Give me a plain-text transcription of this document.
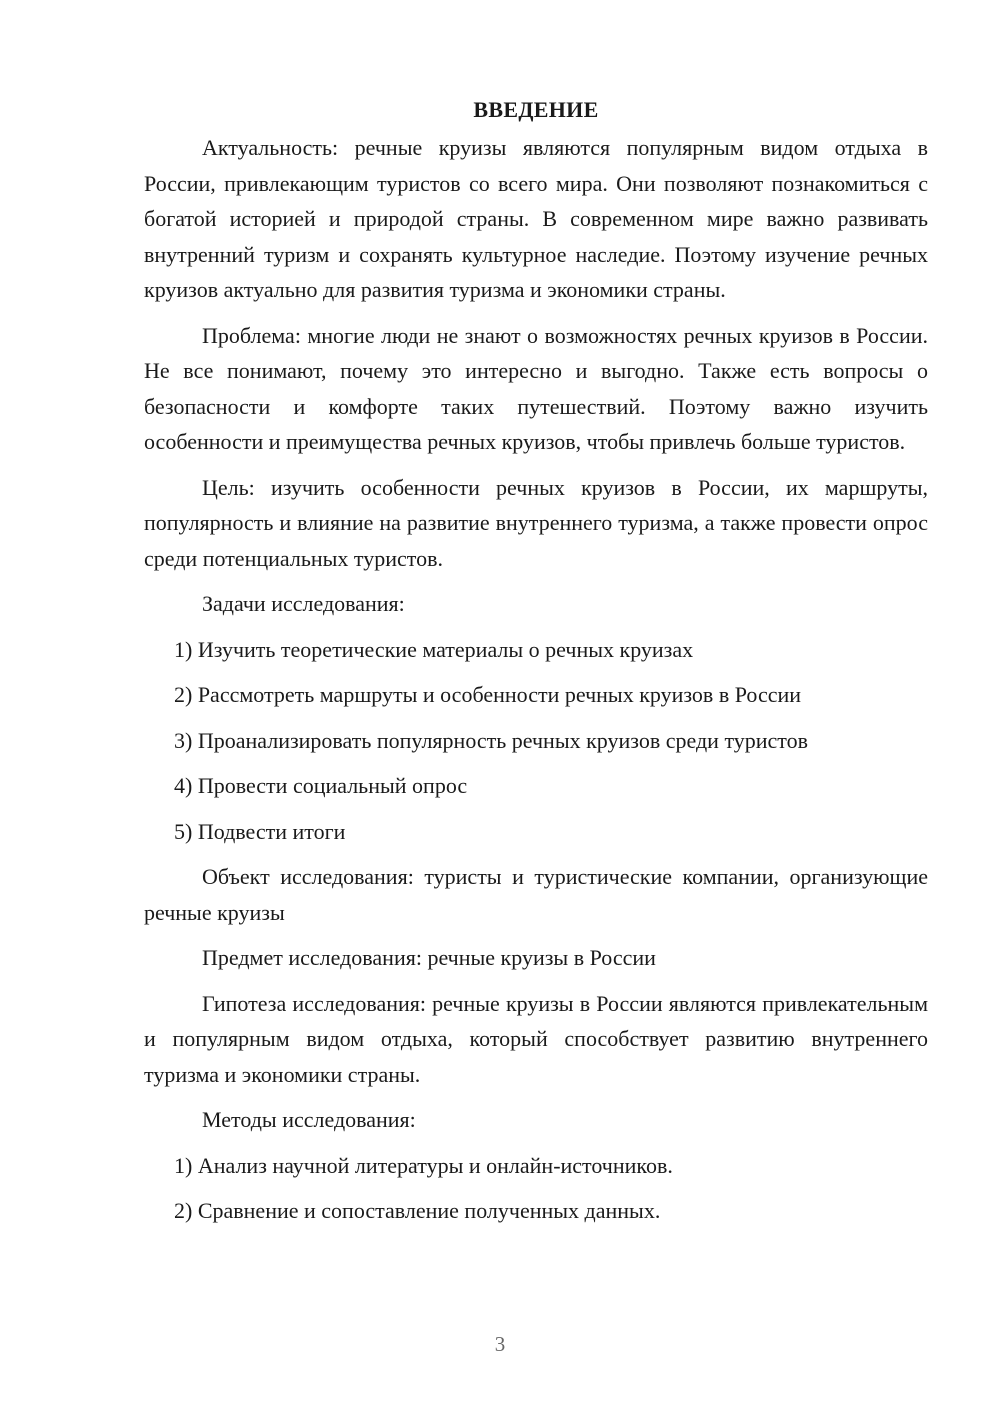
ВВЕДЕНИЕ

Актуальность: речные круизы являются популярным видом отдыха в России, привлекающим туристов со всего мира. Они позволяют познакомиться с богатой историей и природой страны. В современном мире важно развивать внутренний туризм и сохранять культурное наследие. Поэтому изучение речных круизов актуально для развития туризма и экономики страны.

Проблема: многие люди не знают о возможностях речных круизов в России. Не все понимают, почему это интересно и выгодно. Также есть вопросы о безопасности и комфорте таких путешествий. Поэтому важно изучить особенности и преимущества речных круизов, чтобы привлечь больше туристов.

Цель: изучить особенности речных круизов в России, их маршруты, популярность и влияние на развитие внутреннего туризма, а также провести опрос среди потенциальных туристов.

Задачи исследования:

1) Изучить теоретические материалы о речных круизах
2) Рассмотреть маршруты и особенности речных круизов в России
3) Проанализировать популярность речных круизов среди туристов
4) Провести социальный опрос
5) Подвести итоги

Объект исследования: туристы и туристические компании, организующие речные круизы

Предмет исследования: речные круизы в России

Гипотеза исследования: речные круизы в России являются привлекательным и популярным видом отдыха, который способствует развитию внутреннего туризма и экономики страны.

Методы исследования:

1) Анализ научной литературы и онлайн-источников.
2) Сравнение и сопоставление полученных данных.
3
